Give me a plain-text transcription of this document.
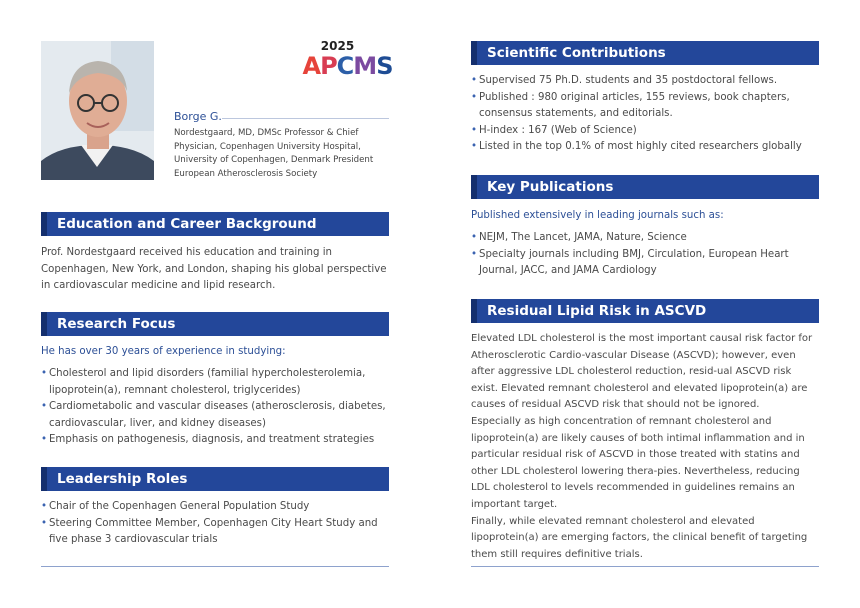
2025
APCMS
Borge G.
Nordestgaard, MD, DMSc Professor & Chief Physician, Copenhagen University Hospital, University of Copenhagen, Denmark President European Atherosclerosis Society
Education and Career Background
Prof. Nordestgaard received his education and training in Copenhagen, New York, and London, shaping his global perspective in cardiovascular medicine and lipid research.
Research Focus
He has over 30 years of experience in studying:
• Cholesterol and lipid disorders (familial hypercholesterolemia, lipoprotein(a), remnant cholesterol, triglycerides)
• Cardiometabolic and vascular diseases (atherosclerosis, diabetes, cardiovascular, liver, and kidney diseases)
• Emphasis on pathogenesis, diagnosis, and treatment strategies
Leadership Roles
• Chair of the Copenhagen General Population Study
• Steering Committee Member, Copenhagen City Heart Study and five phase 3 cardiovascular trials
Scientific Contributions
• Supervised 75 Ph.D. students and 35 postdoctoral fellows.
• Published : 980 original articles, 155 reviews, book chapters, consensus statements, and editorials.
• H-index : 167 (Web of Science)
• Listed in the top 0.1% of most highly cited researchers globally
Key Publications
Published extensively in leading journals such as:
• NEJM, The Lancet, JAMA, Nature, Science
• Specialty journals including BMJ, Circulation, European Heart Journal, JACC, and JAMA Cardiology
Residual Lipid Risk in ASCVD
Elevated LDL cholesterol is the most important causal risk factor for Atherosclerotic Cardio-vascular Disease (ASCVD); however, even after aggressive LDL cholesterol reduction, resid-ual ASCVD risk exist. Elevated remnant cholesterol and elevated lipoprotein(a) are causes of residual ASCVD risk that should not be ignored.
Especially as high concentration of remnant cholesterol and lipoprotein(a) are likely causes of both intimal inflammation and in particular residual risk of ASCVD in those treated with statins and other LDL cholesterol lowering thera-pies. Nevertheless, reducing LDL cholesterol to levels recommended in guidelines remains an important target.
Finally, while elevated remnant cholesterol and elevated lipoprotein(a) are emerging factors, the clinical benefit of targeting them still requires definitive trials.
